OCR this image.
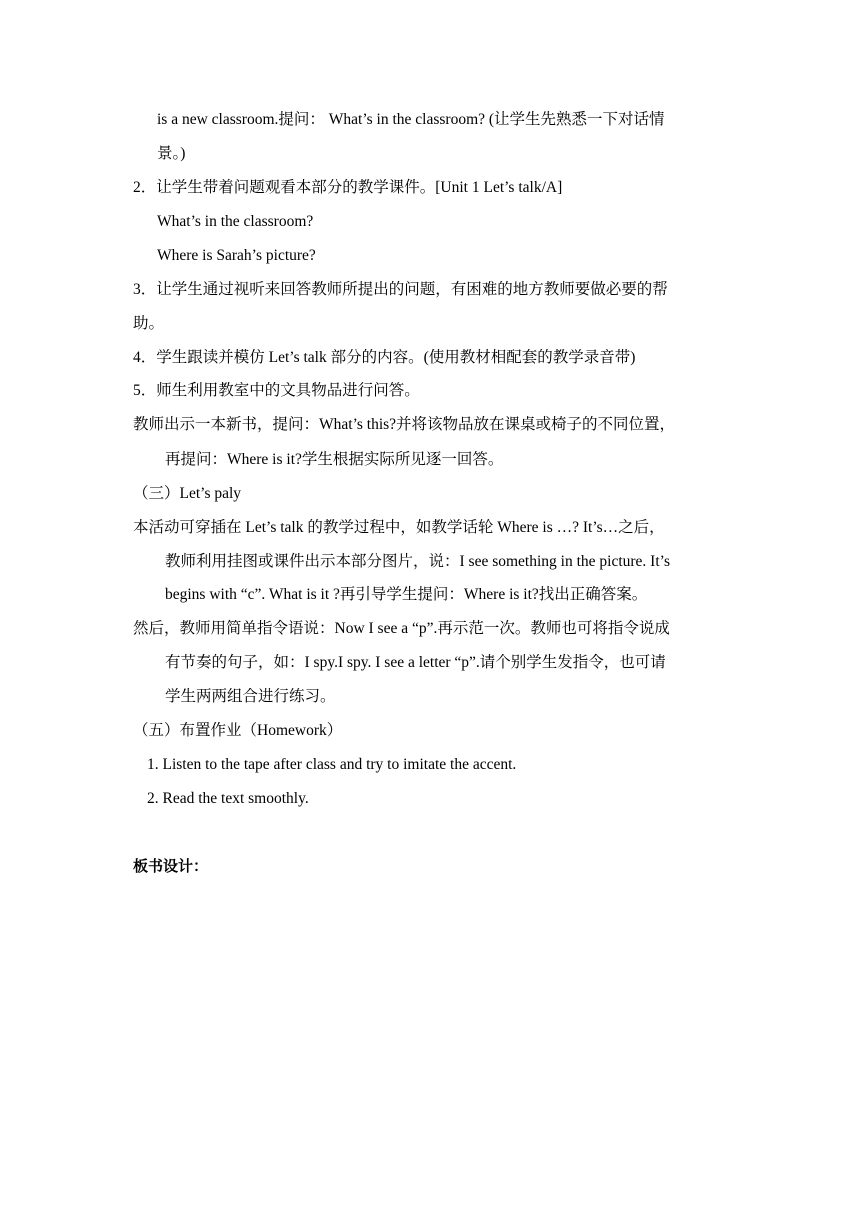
is a new classroom.提问： What’s in the classroom? (让学生先熟悉一下对话情
景。)
2．让学生带着问题观看本部分的教学课件。[Unit 1 Let’s talk/A]
What’s in the classroom?
Where is Sarah’s picture?
3．让学生通过视听来回答教师所提出的问题，有困难的地方教师要做必要的帮
助。
4．学生跟读并模仿 Let’s talk 部分的内容。(使用教材相配套的教学录音带)
5．师生利用教室中的文具物品进行问答。
教师出示一本新书，提问：What’s this?并将该物品放在课桌或椅子的不同位置，
再提问：Where is it?学生根据实际所见逐一回答。
（三）Let’s paly
本活动可穿插在 Let’s talk 的教学过程中，如教学话轮 Where is …? It’s…之后，
教师利用挂图或课件出示本部分图片，说：I see something in the picture. It’s
begins with “c”. What is it ?再引导学生提问：Where is it?找出正确答案。
然后，教师用简单指令语说：Now I see a “p”.再示范一次。教师也可将指令说成
有节奏的句子，如：I spy.I spy. I see a letter “p”.请个别学生发指令，也可请
学生两两组合进行练习。
（五）布置作业（Homework）
1. Listen to the tape after class and try to imitate the accent.
2. Read the text smoothly.
板书设计：
